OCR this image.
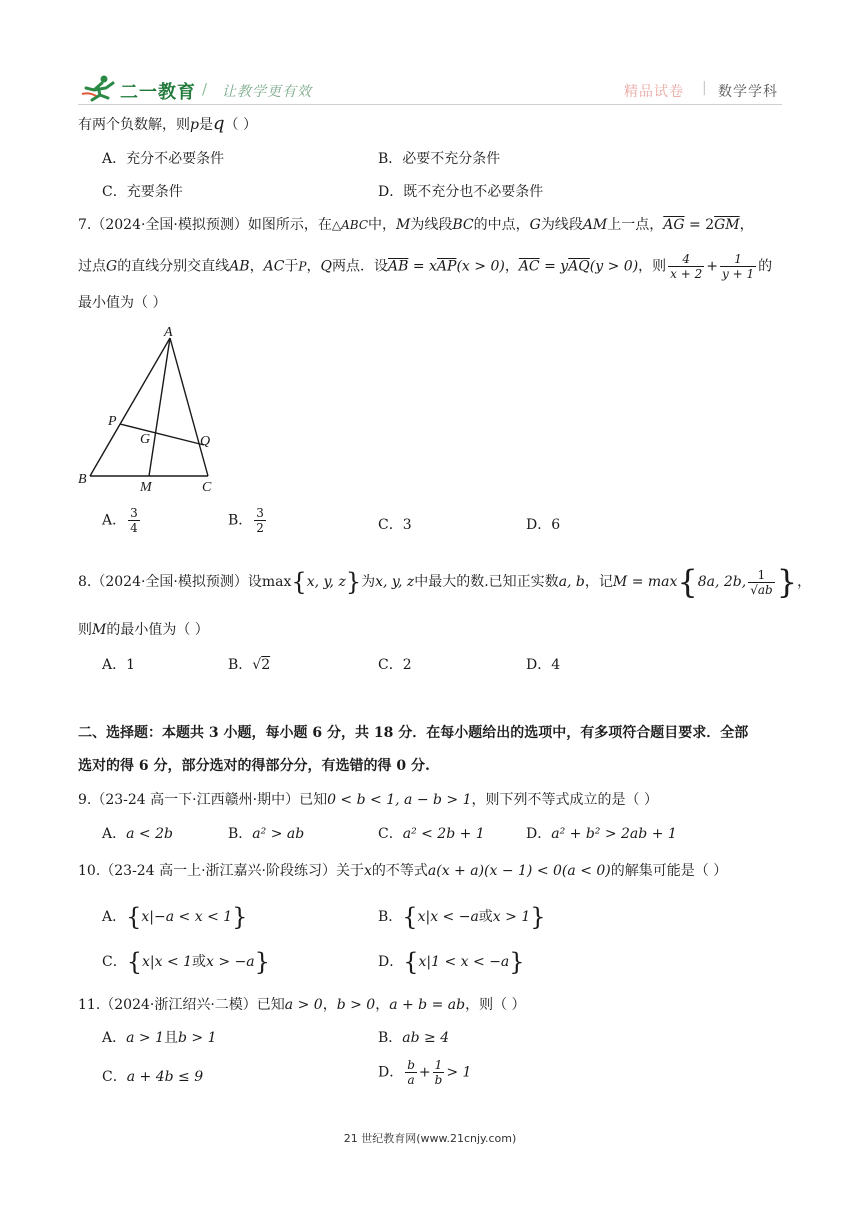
二一教育 / 让教学更有效	精品试卷 | 数学学科
有两个负数解，则p是q（ ）
A．充分不必要条件	B．必要不充分条件
C．充要条件	D．既不充分也不必要条件
7.（2024·全国·模拟预测）如图所示，在△ABC中，M为线段BC的中点，G为线段AM上一点，$\overline{AG} = 2\overline{GM}$，
过点G的直线分别交直线AB，AC于P，Q两点．设$\overline{AB} = x\overline{AP}(x > 0)$，$\overline{AC} = y\overline{AQ}(y > 0)$，则 $\frac{4}{x + 2} + \frac{1}{y + 1}$ 的
最小值为（ ）
A
P
G	Q
B
M	C
A． $\frac{3}{4}$	B． $\frac{3}{2}$	C．3	D．6
8.（2024·全国·模拟预测）设max{x, y, z}为x, y, z中最大的数.已知正实数a, b，记M = max{8a, 2b, $\frac{1}{√ab}$ }，
则M的最小值为（ ）
A．1	B．√2	C．2	D．4
二、选择题：本题共 3 小题，每小题 6 分，共 18 分．在每小题给出的选项中，有多项符合题目要求．全部
选对的得 6 分，部分选对的得部分分，有选错的得 0 分.
9.（23-24 高一下·江西赣州·期中）已知0 < b < 1, a − b > 1，则下列不等式成立的是（ ）
A．a < 2b	B．a² > ab	C．a² < 2b + 1	D．a² + b² > 2ab + 1
10.（23-24 高一上·浙江嘉兴·阶段练习）关于x的不等式a(x + a)(x − 1) < 0(a < 0)的解集可能是（ ）
A．{x|−a < x < 1}	B．{x|x < −a或x > 1}
C．{x|x < 1或x > −a}	D．{x|1 < x < −a}
11.（2024·浙江绍兴·二模）已知a > 0，b > 0，a + b = ab，则（ ）
A．a > 1且b > 1	B．ab ≥ 4
C．a + 4b ≤ 9	D． $\frac{b}{a} + \frac{1}{b} > 1$
21 世纪教育网(www.21cnjy.com)
